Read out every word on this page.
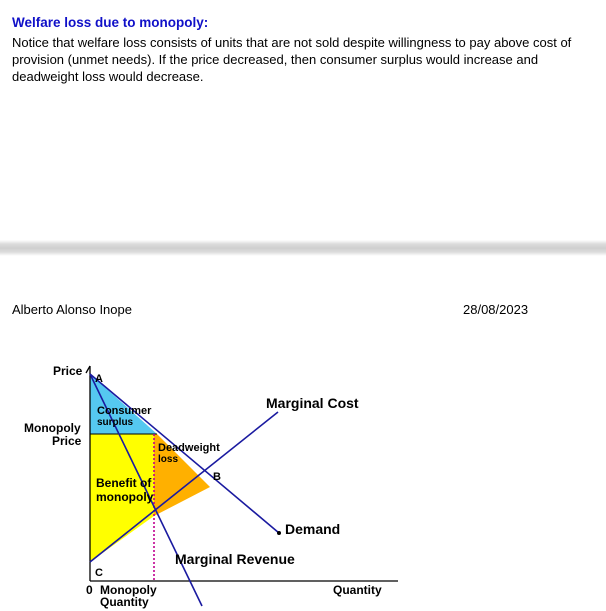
Welfare loss due to monopoly:
Notice that welfare loss consists of units that are not sold despite willingness to pay above cost of provision (unmet needs). If the price decreased, then consumer surplus would increase and deadweight loss would decrease.
Alberto Alonso Inope	28/08/2023
Price
A
Monopoly
Price
Consumer
surplus
Deadweight
loss
B
Benefit of
monopoly
Marginal Cost
Demand
Marginal Revenue
C
0 Monopoly
Quantity
Quantity
